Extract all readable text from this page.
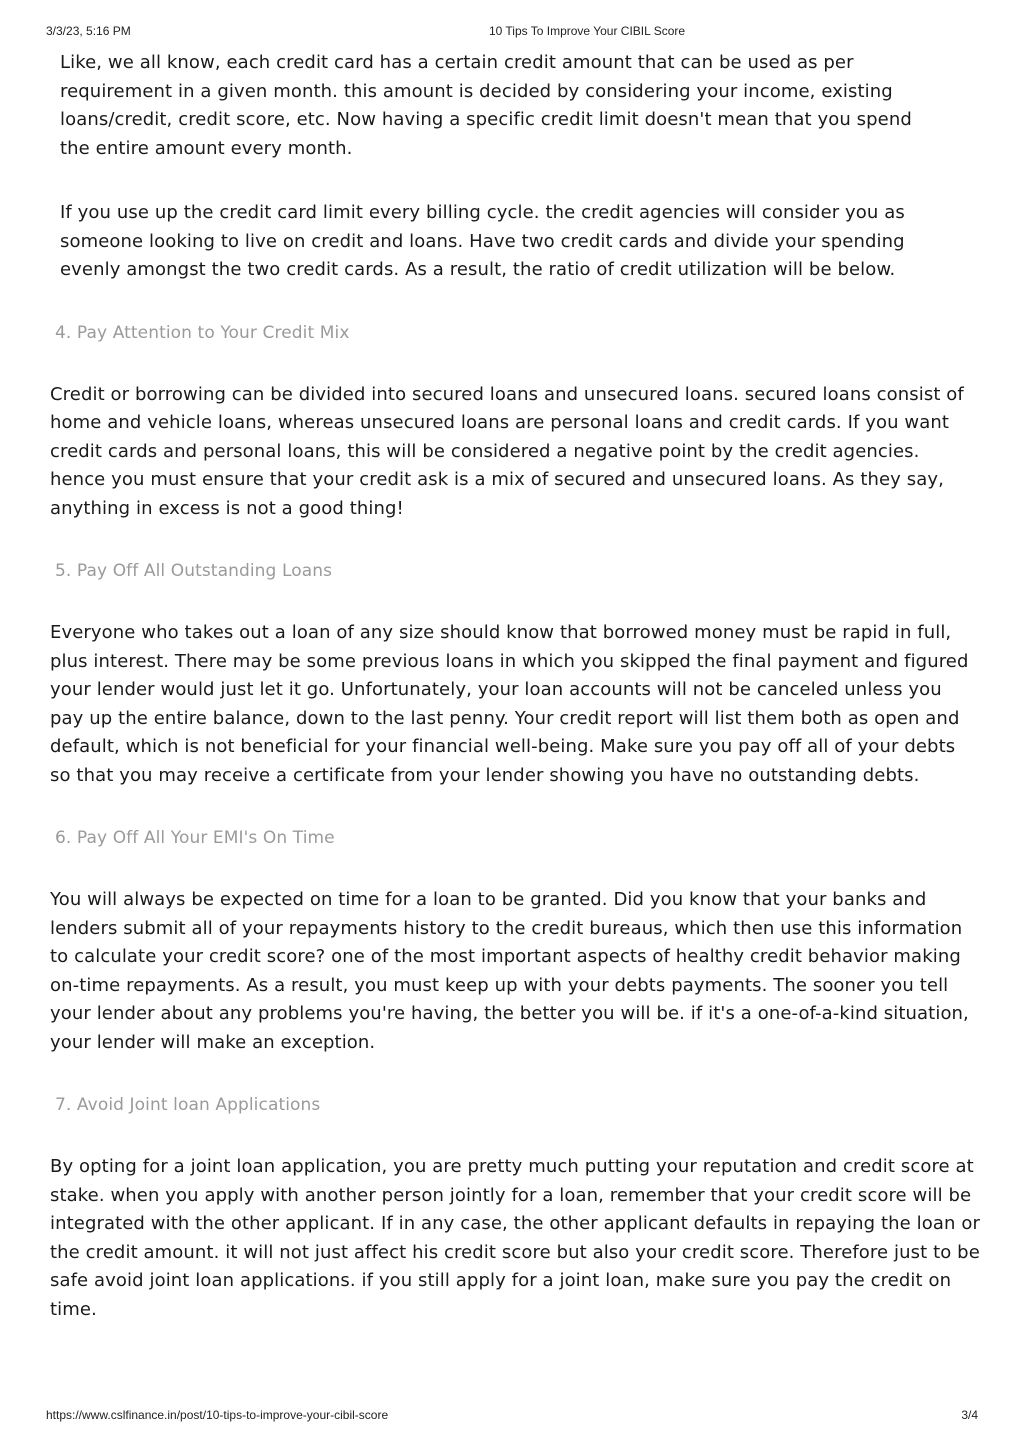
3/3/23, 5:16 PM	10 Tips To Improve Your CIBIL Score

Like, we all know, each credit card has a certain credit amount that can be used as per requirement in a given month. this amount is decided by considering your income, existing loans/credit, credit score, etc. Now having a specific credit limit doesn't mean that you spend the entire amount every month.

If you use up the credit card limit every billing cycle. the credit agencies will consider you as someone looking to live on credit and loans. Have two credit cards and divide your spending evenly amongst the two credit cards. As a result, the ratio of credit utilization will be below.

4. Pay Attention to Your Credit Mix

Credit or borrowing can be divided into secured loans and unsecured loans. secured loans consist of home and vehicle loans, whereas unsecured loans are personal loans and credit cards. If you want credit cards and personal loans, this will be considered a negative point by the credit agencies. hence you must ensure that your credit ask is a mix of secured and unsecured loans. As they say, anything in excess is not a good thing!

5. Pay Off All Outstanding Loans

Everyone who takes out a loan of any size should know that borrowed money must be rapid in full, plus interest. There may be some previous loans in which you skipped the final payment and figured your lender would just let it go. Unfortunately, your loan accounts will not be canceled unless you pay up the entire balance, down to the last penny. Your credit report will list them both as open and default, which is not beneficial for your financial well-being. Make sure you pay off all of your debts so that you may receive a certificate from your lender showing you have no outstanding debts.

6. Pay Off All Your EMI's On Time

You will always be expected on time for a loan to be granted. Did you know that your banks and lenders submit all of your repayments history to the credit bureaus, which then use this information to calculate your credit score? one of the most important aspects of healthy credit behavior making on-time repayments. As a result, you must keep up with your debts payments. The sooner you tell your lender about any problems you're having, the better you will be. if it's a one-of-a-kind situation, your lender will make an exception.

7. Avoid Joint loan Applications

By opting for a joint loan application, you are pretty much putting your reputation and credit score at stake. when you apply with another person jointly for a loan, remember that your credit score will be integrated with the other applicant. If in any case, the other applicant defaults in repaying the loan or the credit amount. it will not just affect his credit score but also your credit score. Therefore just to be safe avoid joint loan applications. if you still apply for a joint loan, make sure you pay the credit on time.

https://www.cslfinance.in/post/10-tips-to-improve-your-cibil-score	3/4
